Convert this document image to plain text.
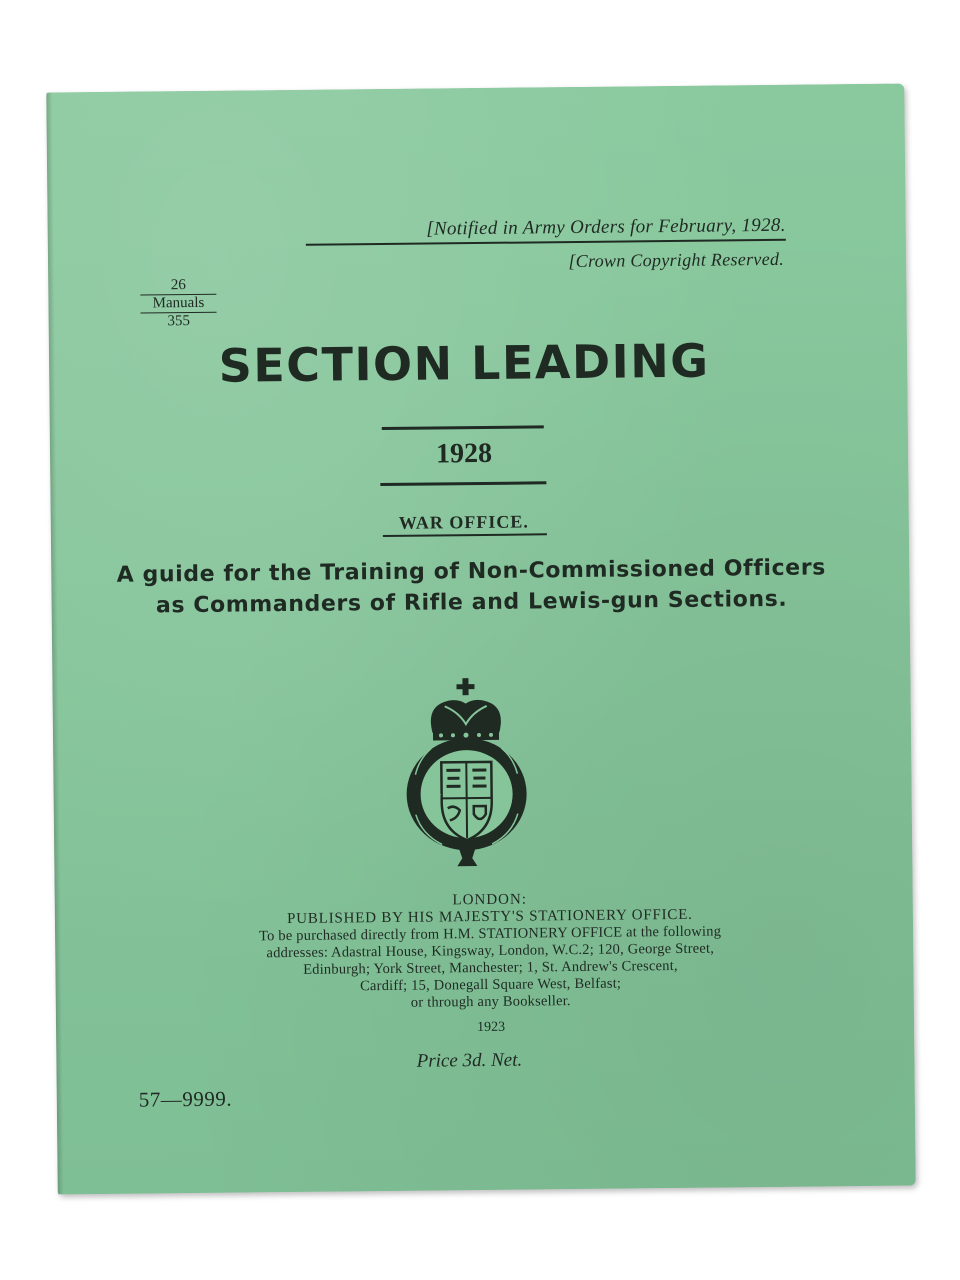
[Notified in Army Orders for February, 1928.
[Crown Copyright Reserved.
26
Manuals
355
SECTION LEADING
1928
WAR OFFICE.
A guide for the Training of Non-Commissioned Officers as Commanders of Rifle and Lewis-gun Sections.
G	R
LONDON:
PUBLISHED BY HIS MAJESTY'S STATIONERY OFFICE.
To be purchased directly from H.M. STATIONERY OFFICE at the following
addresses: Adastral House, Kingsway, London, W.C.2; 120, George Street,
Edinburgh; York Street, Manchester; 1, St. Andrew's Crescent,
Cardiff; 15, Donegall Square West, Belfast;
or through any Bookseller.
1923
Price 3d. Net.
57—9999.
